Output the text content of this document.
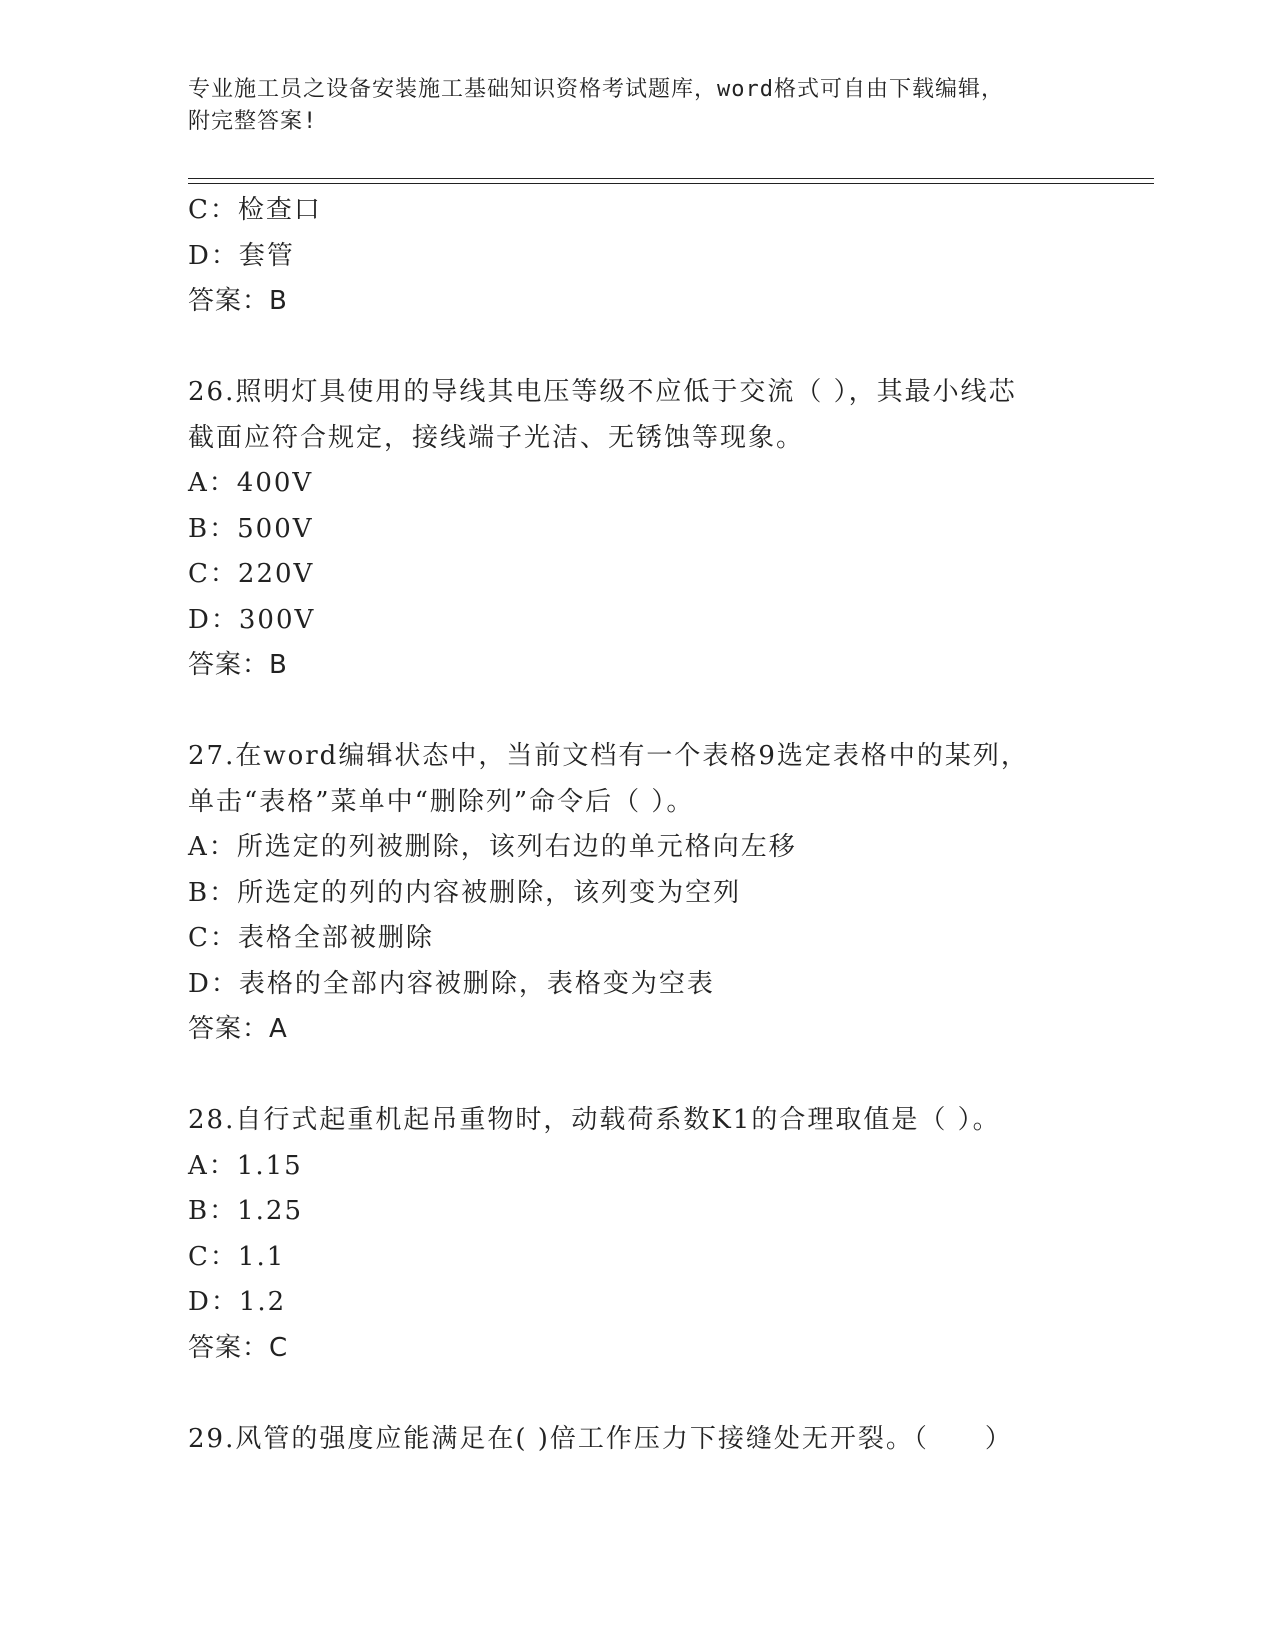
专业施工员之设备安装施工基础知识资格考试题库，word格式可自由下载编辑，
附完整答案!
C：检查口
D：套管
答案：B
26.照明灯具使用的导线其电压等级不应低于交流（ ），其最小线芯
截面应符合规定，接线端子光洁、无锈蚀等现象。
A：400V
B：500V
C：220V
D：300V
答案：B
27.在word编辑状态中，当前文档有一个表格9选定表格中的某列，
单击“表格”菜单中“删除列”命令后（ ）。
A：所选定的列被删除，该列右边的单元格向左移
B：所选定的列的内容被删除，该列变为空列
C：表格全部被删除
D：表格的全部内容被删除，表格变为空表
答案：A
28.自行式起重机起吊重物时，动载荷系数K1的合理取值是（ ）。
A：1.15
B：1.25
C：1.1
D：1.2
答案：C
29.风管的强度应能满足在( )倍工作压力下接缝处无开裂。（　　）
